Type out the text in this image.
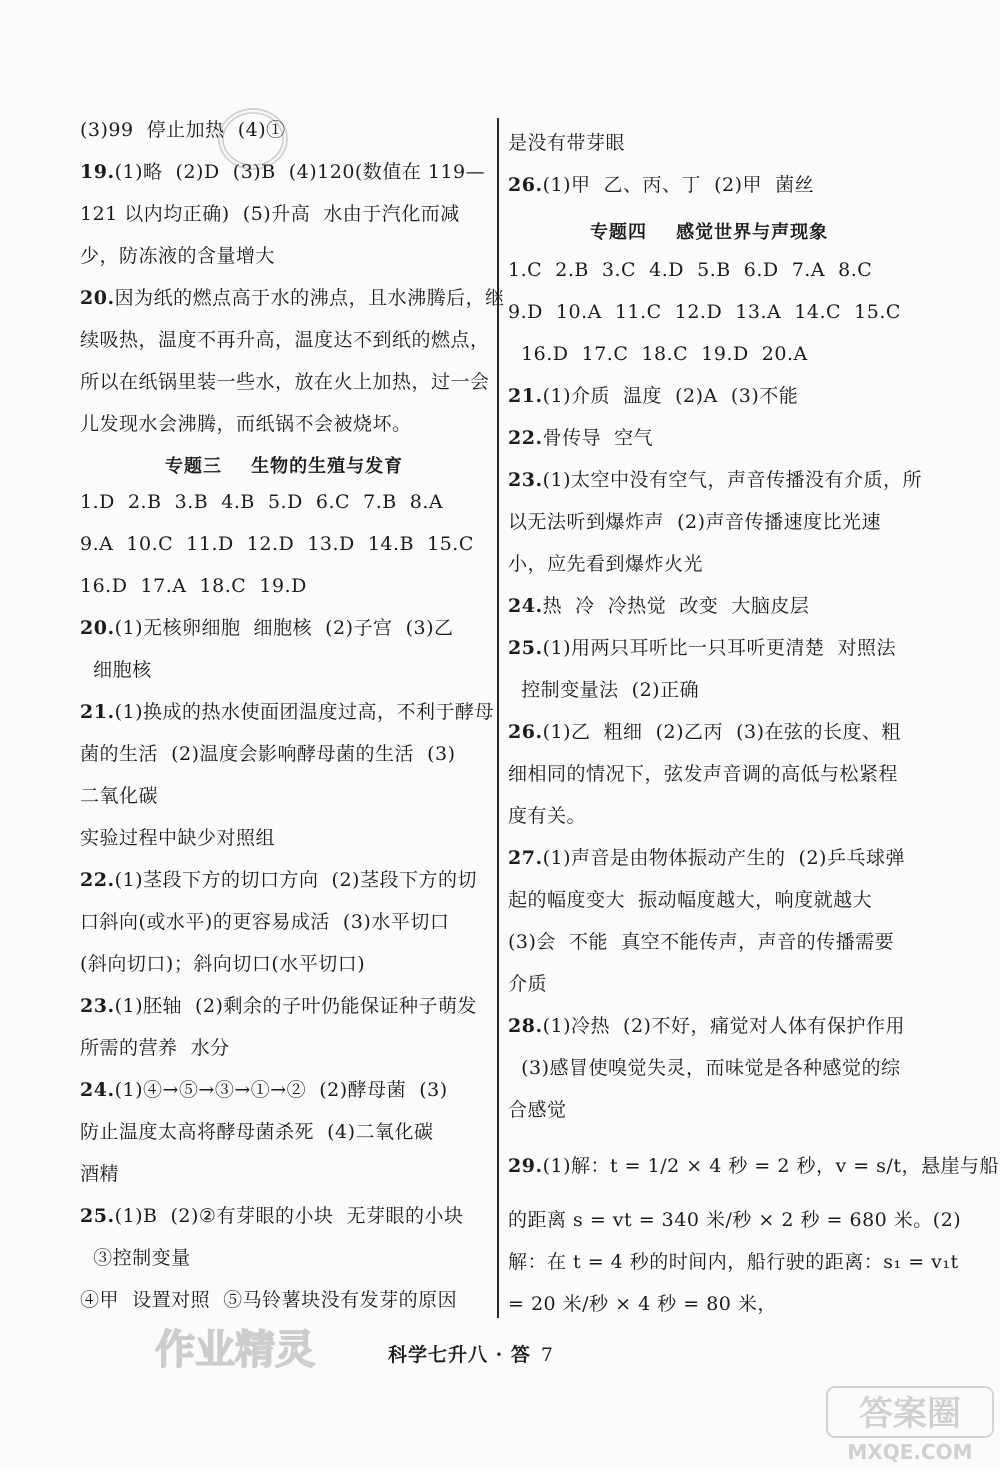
专题三    生物的生殖与发育
专题四    感觉世界与声现象
科学七升八 · 答 7
作业精灵
答案圈
MXQE.COM
(3)99  停止加热  (4)①
19.(1)略  (2)D  (3)B  (4)120(数值在 119—
121 以内均正确)  (5)升高  水由于汽化而减
少，防冻液的含量增大
20.因为纸的燃点高于水的沸点，且水沸腾后，继
续吸热，温度不再升高，温度达不到纸的燃点，
所以在纸锅里装一些水，放在火上加热，过一会
儿发现水会沸腾，而纸锅不会被烧坏。
1.D  2.B  3.B  4.B  5.D  6.C  7.B  8.A
9.A  10.C  11.D  12.D  13.D  14.B  15.C
16.D  17.A  18.C  19.D
20.(1)无核卵细胞  细胞核  (2)子宫  (3)乙
细胞核
21.(1)换成的热水使面团温度过高，不利于酵母
菌的生活  (2)温度会影响酵母菌的生活  (3)
二氧化碳
实验过程中缺少对照组
22.(1)茎段下方的切口方向  (2)茎段下方的切
口斜向(或水平)的更容易成活  (3)水平切口
(斜向切口)；斜向切口(水平切口)
23.(1)胚轴  (2)剩余的子叶仍能保证种子萌发
所需的营养  水分
24.(1)④→⑤→③→①→②  (2)酵母菌  (3)
防止温度太高将酵母菌杀死  (4)二氧化碳
酒精
25.(1)B  (2)②有芽眼的小块  无芽眼的小块
③控制变量
④甲  设置对照  ⑤马铃薯块没有发芽的原因
是没有带芽眼
26.(1)甲  乙、丙、丁  (2)甲  菌丝
1.C  2.B  3.C  4.D  5.B  6.D  7.A  8.C
9.D  10.A  11.C  12.D  13.A  14.C  15.C
16.D  17.C  18.C  19.D  20.A
21.(1)介质  温度  (2)A  (3)不能
22.骨传导  空气
23.(1)太空中没有空气，声音传播没有介质，所
以无法听到爆炸声  (2)声音传播速度比光速
小，应先看到爆炸火光
24.热  冷  冷热觉  改变  大脑皮层
25.(1)用两只耳听比一只耳听更清楚  对照法
控制变量法  (2)正确
26.(1)乙  粗细  (2)乙丙  (3)在弦的长度、粗
细相同的情况下，弦发声音调的高低与松紧程
度有关。
27.(1)声音是由物体振动产生的  (2)乒乓球弹
起的幅度变大  振动幅度越大，响度就越大
(3)会  不能  真空不能传声，声音的传播需要
介质
28.(1)冷热  (2)不好，痛觉对人体有保护作用
(3)感冒使嗅觉失灵，而味觉是各种感觉的综
合感觉
29.(1)解：t = 1/2 × 4 秒 = 2 秒，v = s/t，悬崖与船
的距离 s = vt = 340 米/秒 × 2 秒 = 680 米。(2)
解：在 t = 4 秒的时间内，船行驶的距离：s₁ = v₁t
= 20 米/秒 × 4 秒 = 80 米，
